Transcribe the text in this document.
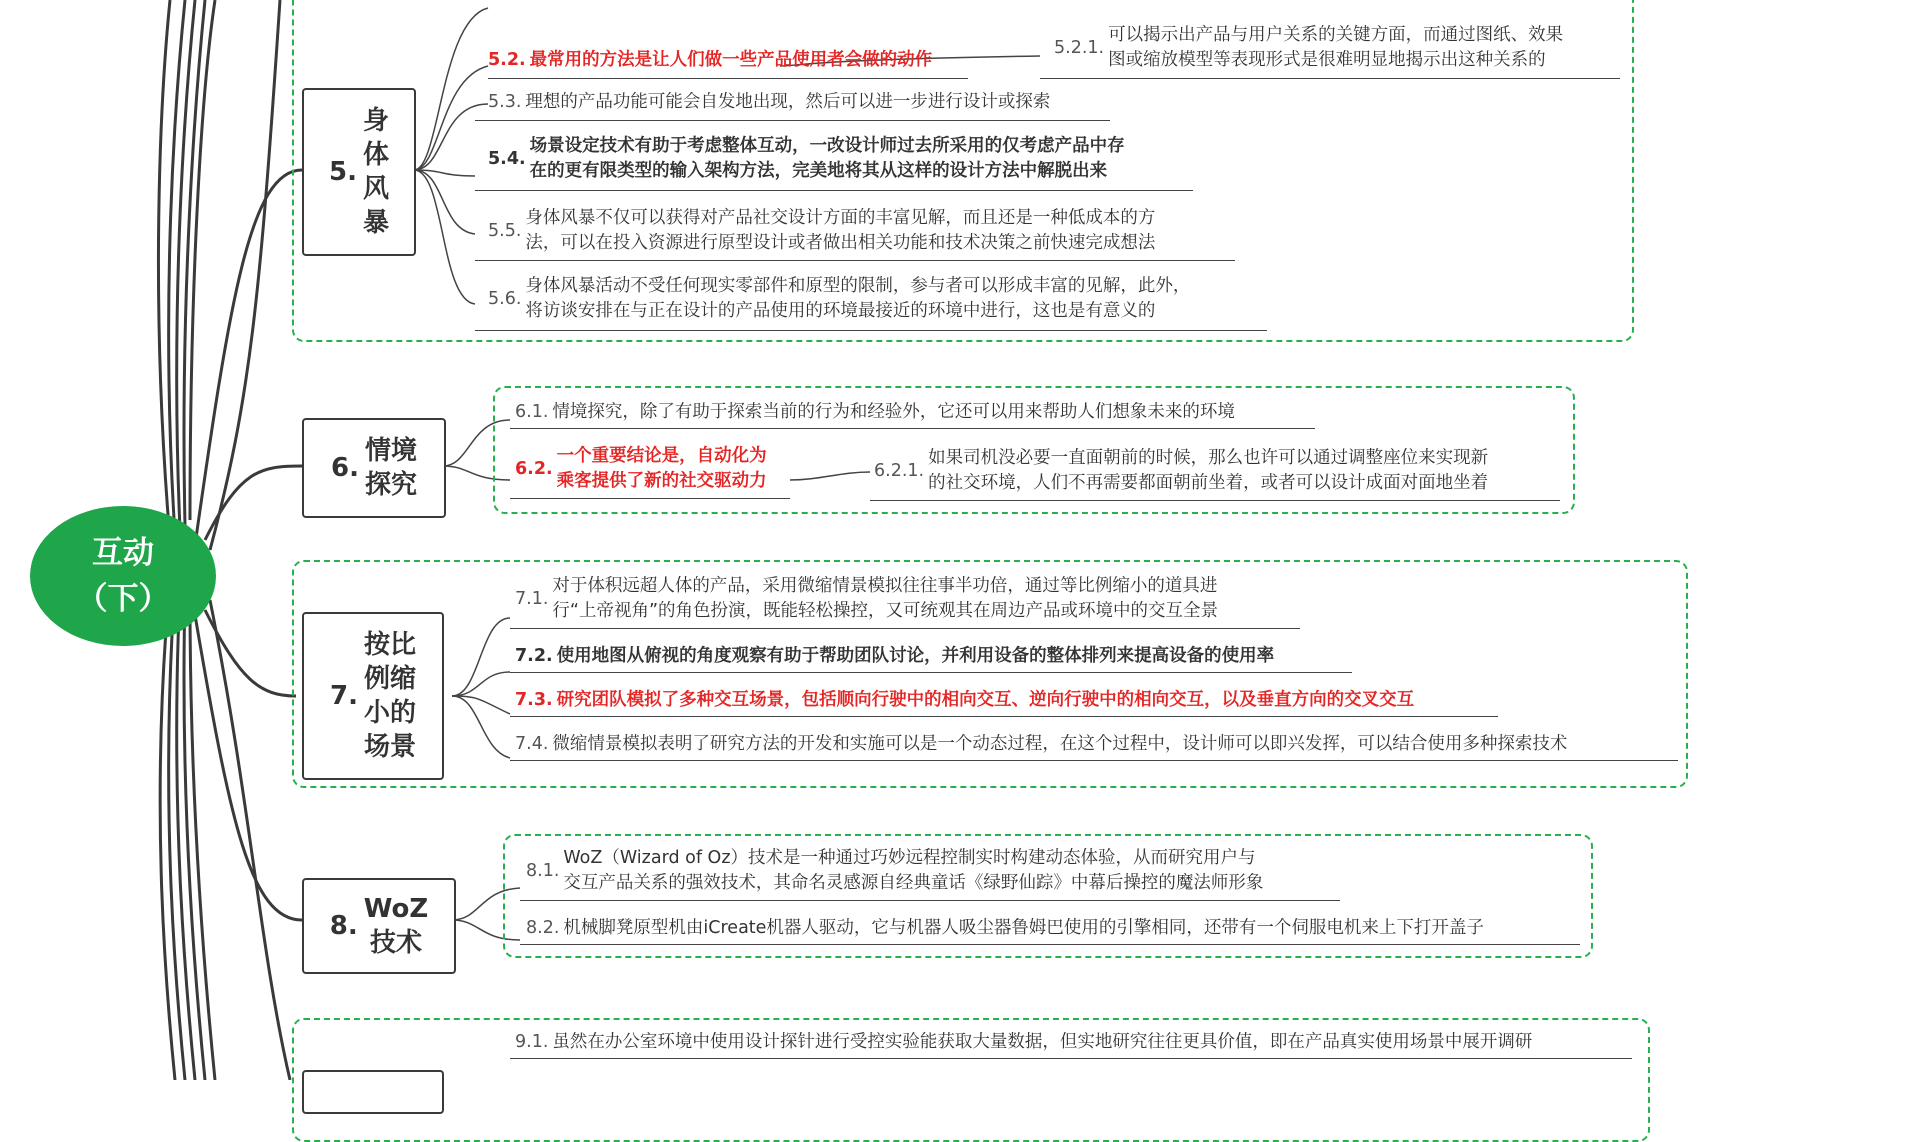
互动
（下）
5.
身
体
风
暴
5.2. 最常用的方法是让人们做一些产品使用者会做的动作
5.2.1.
可以揭示出产品与用户关系的关键方面，而通过图纸、效果
图或缩放模型等表现形式是很难明显地揭示出这种关系的
5.3. 理想的产品功能可能会自发地出现，然后可以进一步进行设计或探索
5.4.
场景设定技术有助于考虑整体互动，一改设计师过去所采用的仅考虑产品中存
在的更有限类型的输入架构方法，完美地将其从这样的设计方法中解脱出来
5.5.
身体风暴不仅可以获得对产品社交设计方面的丰富见解，而且还是一种低成本的方
法，可以在投入资源进行原型设计或者做出相关功能和技术决策之前快速完成想法
5.6.
身体风暴活动不受任何现实零部件和原型的限制，参与者可以形成丰富的见解，此外，
将访谈安排在与正在设计的产品使用的环境最接近的环境中进行，这也是有意义的
6.
情境
探究
6.1. 情境探究，除了有助于探索当前的行为和经验外，它还可以用来帮助人们想象未来的环境
6.2.
一个重要结论是，自动化为
乘客提供了新的社交驱动力
6.2.1.
如果司机没必要一直面朝前的时候，那么也许可以通过调整座位来实现新
的社交环境，人们不再需要都面朝前坐着，或者可以设计成面对面地坐着
7.
按比
例缩
小的
场景
7.1.
对于体积远超人体的产品，采用微缩情景模拟往往事半功倍，通过等比例缩小的道具进
行“上帝视角”的角色扮演，既能轻松操控，又可统观其在周边产品或环境中的交互全景
7.2. 使用地图从俯视的角度观察有助于帮助团队讨论，并利用设备的整体排列来提高设备的使用率
7.3. 研究团队模拟了多种交互场景，包括顺向行驶中的相向交互、逆向行驶中的相向交互，以及垂直方向的交叉交互
7.4. 微缩情景模拟表明了研究方法的开发和实施可以是一个动态过程，在这个过程中，设计师可以即兴发挥，可以结合使用多种探索技术
8.
WoZ
技术
8.1.
WoZ（Wizard of Oz）技术是一种通过巧妙远程控制实时构建动态体验，从而研究用户与
交互产品关系的强效技术，其命名灵感源自经典童话《绿野仙踪》中幕后操控的魔法师形象
8.2. 机械脚凳原型机由iCreate机器人驱动，它与机器人吸尘器鲁姆巴使用的引擎相同，还带有一个伺服电机来上下打开盖子
9.1. 虽然在办公室环境中使用设计探针进行受控实验能获取大量数据，但实地研究往往更具价值，即在产品真实使用场景中展开调研
